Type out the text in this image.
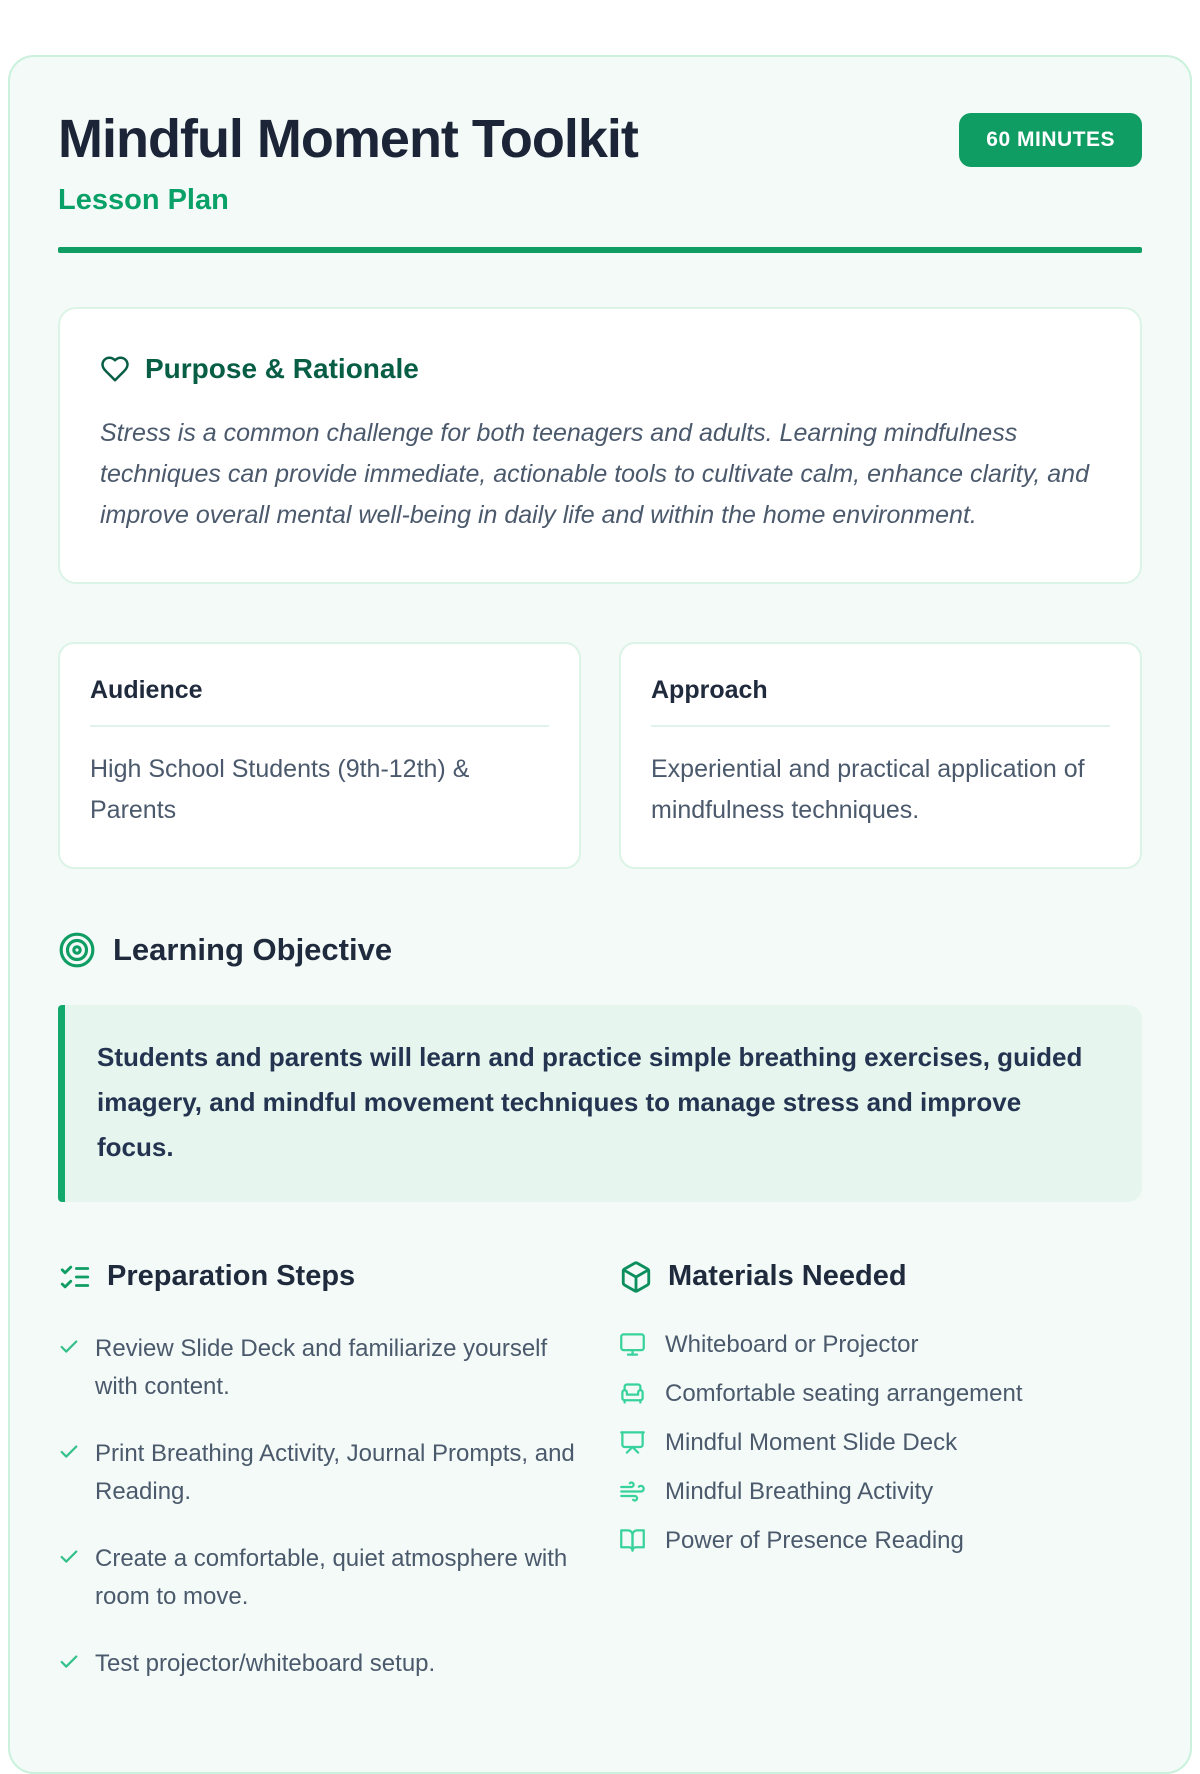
Mindful Moment Toolkit
Lesson Plan
60 MINUTES
Purpose & Rationale

Stress is a common challenge for both teenagers and adults. Learning mindfulness techniques can provide immediate, actionable tools to cultivate calm, enhance clarity, and improve overall mental well-being in daily life and within the home environment.

Audience

High School Students (9th-12th) & Parents

Approach

Experiential and practical application of mindfulness techniques.

Learning Objective

Students and parents will learn and practice simple breathing exercises, guided imagery, and mindful movement techniques to manage stress and improve focus.

Preparation Steps
Review Slide Deck and familiarize yourself with content.
Print Breathing Activity, Journal Prompts, and Reading.
Create a comfortable, quiet atmosphere with room to move.
Test projector/whiteboard setup.
Materials Needed
Whiteboard or Projector
Comfortable seating arrangement
Mindful Moment Slide Deck
Mindful Breathing Activity
Power of Presence Reading
